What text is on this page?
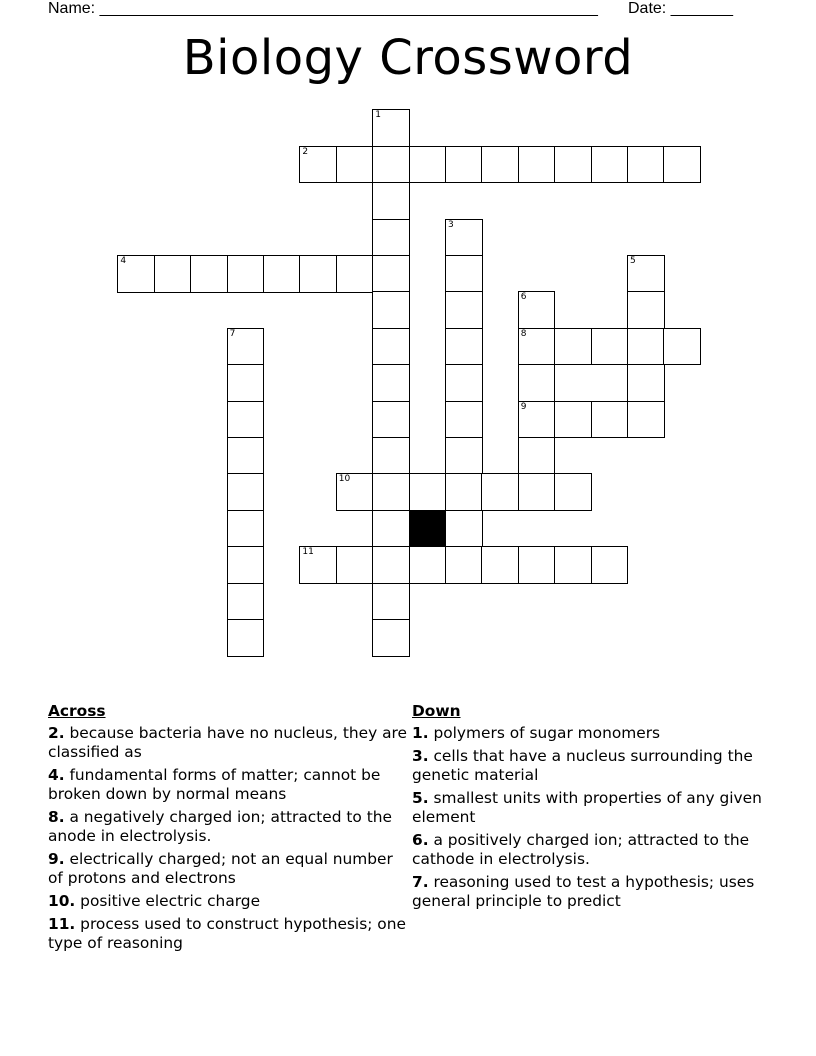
Name: ________________________________________________________ Date: _______
Biology Crossword
1
2
3
4	5
6
8
9
7
10
11
Across
2. because bacteria have no nucleus, they are classified as
4. fundamental forms of matter; cannot be broken down by normal means
8. a negatively charged ion; attracted to the anode in electrolysis.
9. electrically charged; not an equal number of protons and electrons
10. positive electric charge
11. process used to construct hypothesis; one type of reasoning
Down
1. polymers of sugar monomers
3. cells that have a nucleus surrounding the genetic material
5. smallest units with properties of any given element
6. a positively charged ion; attracted to the cathode in electrolysis.
7. reasoning used to test a hypothesis; uses general principle to predict
